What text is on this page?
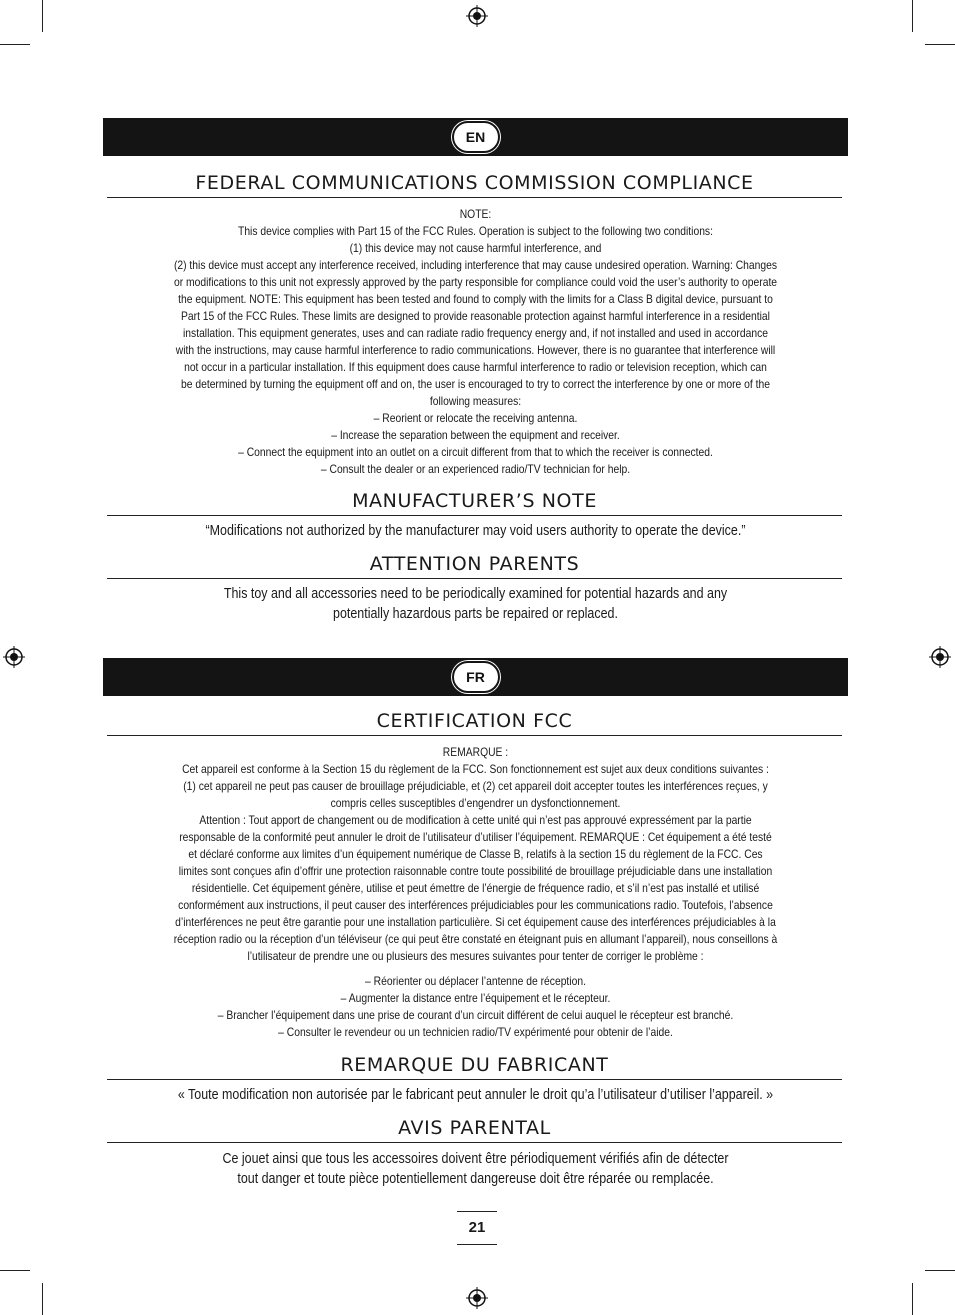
EN
FEDERAL COMMUNICATIONS COMMISSION COMPLIANCE

NOTE:

This device complies with Part 15 of the FCC Rules. Operation is subject to the following two conditions:

(1) this device may not cause harmful interference, and

(2) this device must accept any interference received, including interference that may cause undesired operation. Warning: Changes

or modifications to this unit not expressly approved by the party responsible for compliance could void the user’s authority to operate

the equipment. NOTE: This equipment has been tested and found to comply with the limits for a Class B digital device, pursuant to

Part 15 of the FCC Rules. These limits are designed to provide reasonable protection against harmful interference in a residential

installation. This equipment generates, uses and can radiate radio frequency energy and, if not installed and used in accordance

with the instructions, may cause harmful interference to radio communications. However, there is no guarantee that interference will

not occur in a particular installation. If this equipment does cause harmful interference to radio or television reception, which can

be determined by turning the equipment off and on, the user is encouraged to try to correct the interference by one or more of the

following measures:

– Reorient or relocate the receiving antenna.

– Increase the separation between the equipment and receiver.

– Connect the equipment into an outlet on a circuit different from that to which the receiver is connected.

– Consult the dealer or an experienced radio/TV technician for help.

MANUFACTURER’S NOTE

“Modifications not authorized by the manufacturer may void users authority to operate the device.”

ATTENTION PARENTS

This toy and all accessories need to be periodically examined for potential hazards and any

potentially hazardous parts be repaired or replaced.

FR
CERTIFICATION FCC

REMARQUE :

Cet appareil est conforme à la Section 15 du règlement de la FCC. Son fonctionnement est sujet aux deux conditions suivantes :

(1) cet appareil ne peut pas causer de brouillage préjudiciable, et (2) cet appareil doit accepter toutes les interférences reçues, y

compris celles susceptibles d’engendrer un dysfonctionnement.

Attention : Tout apport de changement ou de modification à cette unité qui n’est pas approuvé expressément par la partie

responsable de la conformité peut annuler le droit de l’utilisateur d’utiliser l’équipement. REMARQUE : Cet équipement a été testé

et déclaré conforme aux limites d’un équipement numérique de Classe B, relatifs à la section 15 du règlement de la FCC. Ces

limites sont conçues afin d’offrir une protection raisonnable contre toute possibilité de brouillage préjudiciable dans une installation

résidentielle. Cet équipement génère, utilise et peut émettre de l’énergie de fréquence radio, et s’il n’est pas installé et utilisé

conformément aux instructions, il peut causer des interférences préjudiciables pour les communications radio. Toutefois, l’absence

d’interférences ne peut être garantie pour une installation particulière. Si cet équipement cause des interférences préjudiciables à la

réception radio ou la réception d’un téléviseur (ce qui peut être constaté en éteignant puis en allumant l’appareil), nous conseillons à

l’utilisateur de prendre une ou plusieurs des mesures suivantes pour tenter de corriger le problème :

– Réorienter ou déplacer l’antenne de réception.

– Augmenter la distance entre l’équipement et le récepteur.

– Brancher l’équipement dans une prise de courant d’un circuit différent de celui auquel le récepteur est branché.

– Consulter le revendeur ou un technicien radio/TV expérimenté pour obtenir de l’aide.

REMARQUE DU FABRICANT

« Toute modification non autorisée par le fabricant peut annuler le droit qu’a l’utilisateur d’utiliser l’appareil. »

AVIS PARENTAL

Ce jouet ainsi que tous les accessoires doivent être périodiquement vérifiés afin de détecter

tout danger et toute pièce potentiellement dangereuse doit être réparée ou remplacée.

21
